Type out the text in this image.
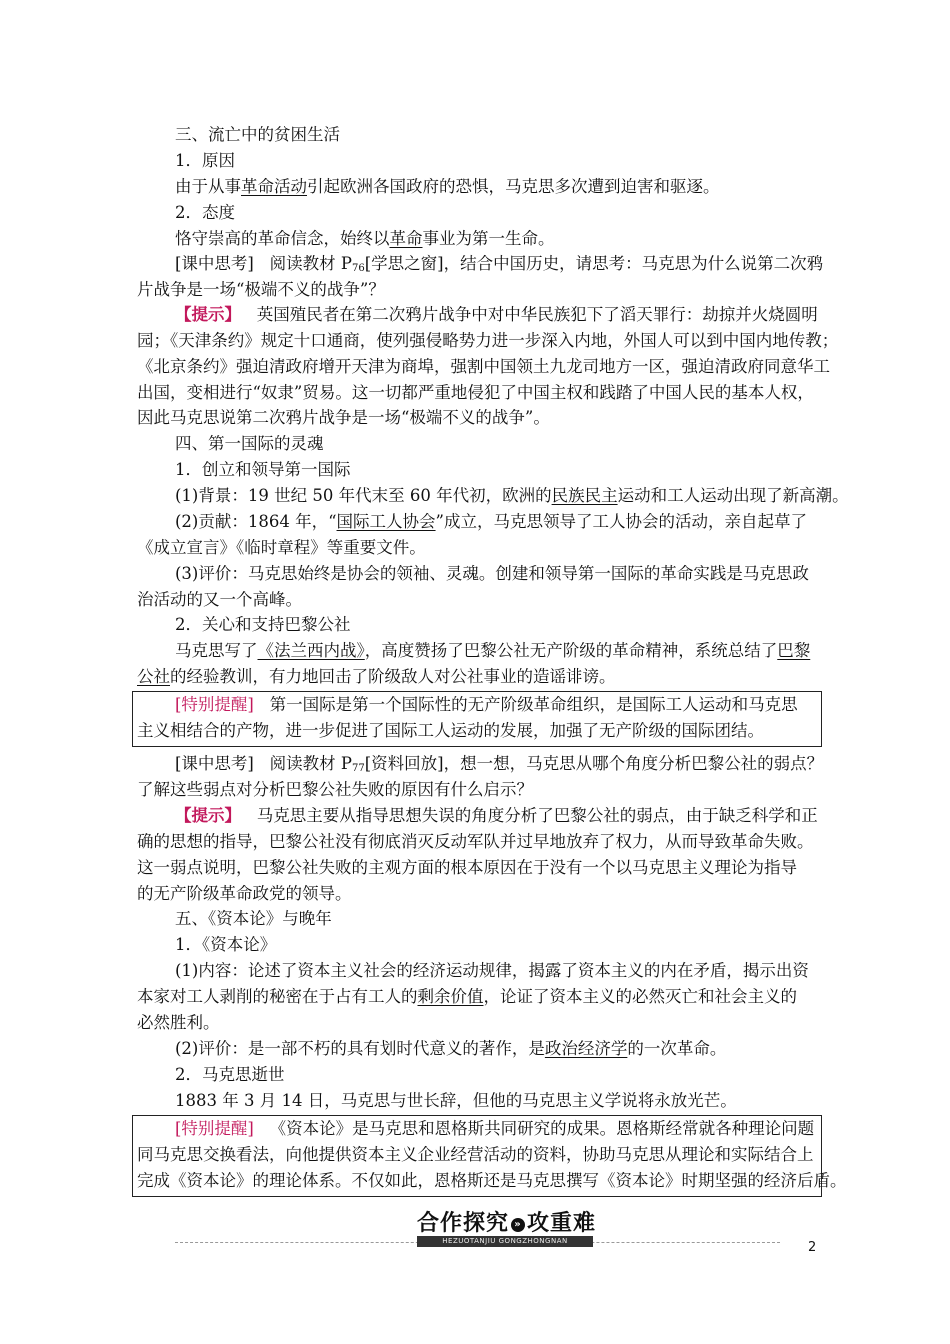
三、流亡中的贫困生活
1．原因
由于从事革命活动引起欧洲各国政府的恐惧，马克思多次遭到迫害和驱逐。
2．态度
恪守崇高的革命信念，始终以革命事业为第一生命。
[课中思考] 阅读教材 $P_{76}$[学思之窗]，结合中国历史，请思考：马克思为什么说第二次鸦
片战争是一场“极端不义的战争”？
【提示】 英国殖民者在第二次鸦片战争中对中华民族犯下了滔天罪行：劫掠并火烧圆明
园；《天津条约》规定十口通商，使列强侵略势力进一步深入内地，外国人可以到中国内地传教；
《北京条约》强迫清政府增开天津为商埠，强割中国领土九龙司地方一区，强迫清政府同意华工
出国，变相进行“奴隶”贸易。这一切都严重地侵犯了中国主权和践踏了中国人民的基本人权，
因此马克思说第二次鸦片战争是一场“极端不义的战争”。
四、第一国际的灵魂
1．创立和领导第一国际
(1)背景：19 世纪 50 年代末至 60 年代初，欧洲的民族民主运动和工人运动出现了新高潮。
(2)贡献：1864 年，“国际工人协会”成立，马克思领导了工人协会的活动，亲自起草了
《成立宣言》《临时章程》等重要文件。
(3)评价：马克思始终是协会的领袖、灵魂。创建和领导第一国际的革命实践是马克思政
治活动的又一个高峰。
2．关心和支持巴黎公社
马克思写了《法兰西内战》，高度赞扬了巴黎公社无产阶级的革命精神，系统总结了巴黎
公社的经验教训，有力地回击了阶级敌人对公社事业的造谣诽谤。
[特别提醒] 第一国际是第一个国际性的无产阶级革命组织，是国际工人运动和马克思
主义相结合的产物，进一步促进了国际工人运动的发展，加强了无产阶级的国际团结。
[课中思考] 阅读教材 $P_{77}$[资料回放]，想一想，马克思从哪个角度分析巴黎公社的弱点？
了解这些弱点对分析巴黎公社失败的原因有什么启示？
【提示】 马克思主要从指导思想失误的角度分析了巴黎公社的弱点，由于缺乏科学和正
确的思想的指导，巴黎公社没有彻底消灭反动军队并过早地放弃了权力，从而导致革命失败。
这一弱点说明，巴黎公社失败的主观方面的根本原因在于没有一个以马克思主义理论为指导
的无产阶级革命政党的领导。
五、《资本论》与晚年
1．《资本论》
(1)内容：论述了资本主义社会的经济运动规律，揭露了资本主义的内在矛盾，揭示出资
本家对工人剥削的秘密在于占有工人的剩余价值，论证了资本主义的必然灭亡和社会主义的
必然胜利。
(2)评价：是一部不朽的具有划时代意义的著作，是政治经济学的一次革命。
2．马克思逝世
1883 年 3 月 14 日，马克思与世长辞，但他的马克思主义学说将永放光芒。
[特别提醒] 《资本论》是马克思和恩格斯共同研究的成果。恩格斯经常就各种理论问题
同马克思交换看法，向他提供资本主义企业经营活动的资料，协助马克思从理论和实际结合上
完成《资本论》的理论体系。不仅如此，恩格斯还是马克思撰写《资本论》时期坚强的经济后盾。
合作探究 » 攻重难
HEZUOTANJIU GONGZHONGNAN	2
